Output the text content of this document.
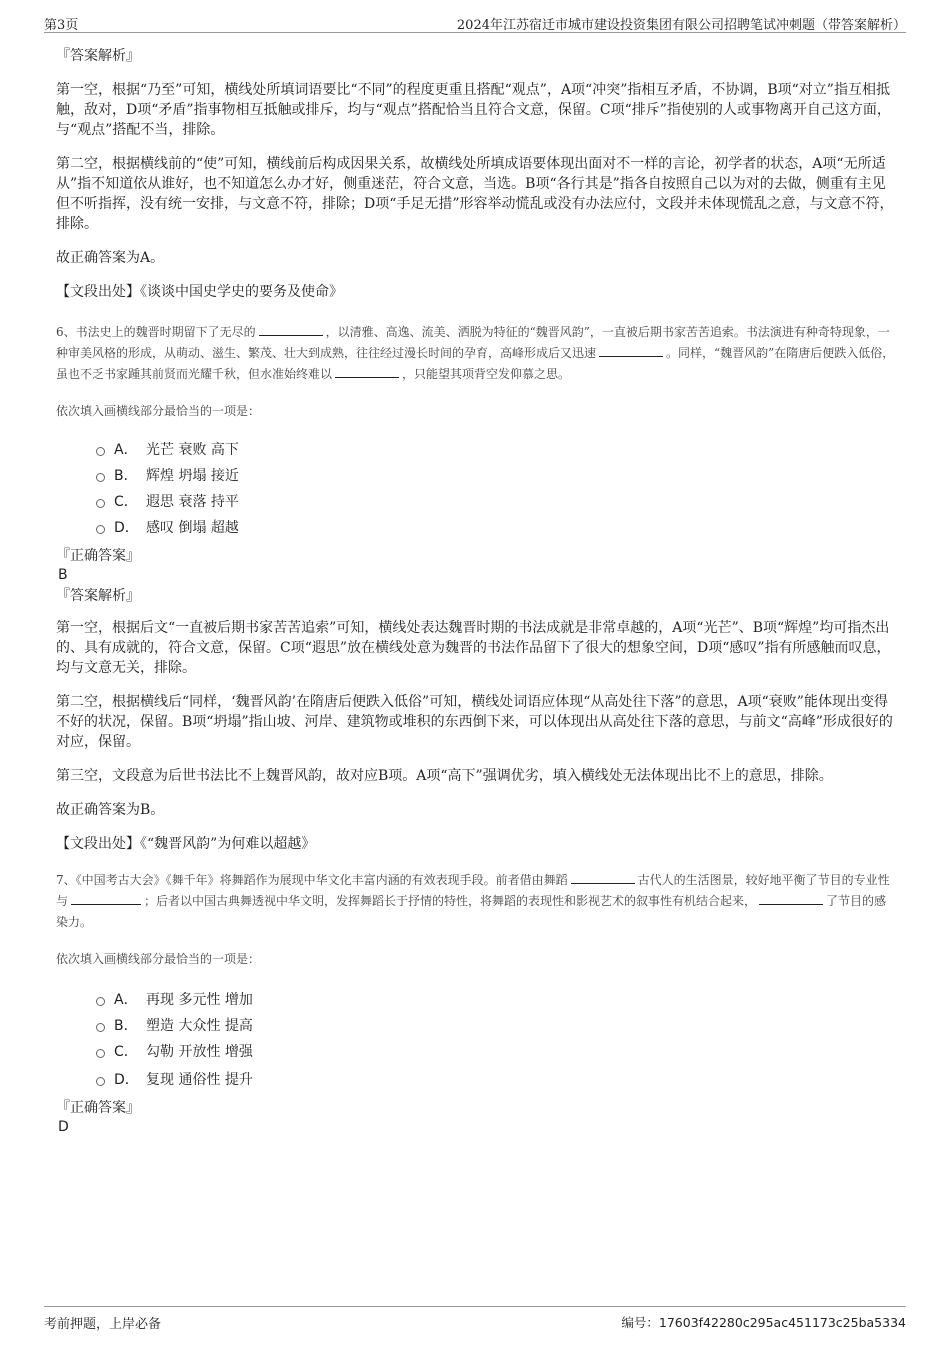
第3页	2024年江苏宿迁市城市建设投资集团有限公司招聘笔试冲刺题（带答案解析）

『答案解析』

第一空，根据“乃至”可知，横线处所填词语要比“不同”的程度更重且搭配“观点”，A项“冲突”指相互矛盾，不协调，B项“对立”指互相抵触，敌对，D项“矛盾”指事物相互抵触或排斥，均与“观点”搭配恰当且符合文意，保留。C项“排斥”指使别的人或事物离开自己这方面，与“观点”搭配不当，排除。

第二空，根据横线前的“使”可知，横线前后构成因果关系，故横线处所填成语要体现出面对不一样的言论，初学者的状态，A项“无所适从”指不知道依从谁好，也不知道怎么办才好，侧重迷茫，符合文意，当选。B项“各行其是”指各自按照自己以为对的去做，侧重有主见但不听指挥，没有统一安排，与文意不符，排除；D项“手足无措”形容举动慌乱或没有办法应付，文段并未体现慌乱之意，与文意不符，排除。

故正确答案为A。

【文段出处】《谈谈中国史学史的要务及使命》

6、书法史上的魏晋时期留下了无尽的	，以清雅、高逸、流美、洒脱为特征的“魏晋风韵”，一直被后期书家苦苦追索。书法演进有种奇特现象，一种审美风格的形成，从萌动、滋生、繁茂、壮大到成熟，往往经过漫长时间的孕育，高峰形成后又迅速	。同样，“魏晋风韵”在隋唐后便跌入低俗，虽也不乏书家踵其前贤而光耀千秋，但水准始终难以	，只能望其项背空发仰慕之思。

依次填入画横线部分最恰当的一项是：

A． 光芒 衰败 高下
B． 辉煌 坍塌 接近
C． 遐思 衰落 持平
D． 感叹 倒塌 超越

『正确答案』

B

『答案解析』

第一空，根据后文“一直被后期书家苦苦追索”可知，横线处表达魏晋时期的书法成就是非常卓越的，A项“光芒”、B项“辉煌”均可指杰出的、具有成就的，符合文意，保留。C项“遐思”放在横线处意为魏晋的书法作品留下了很大的想象空间，D项“感叹”指有所感触而叹息，均与文意无关，排除。

第二空，根据横线后“同样，‘魏晋风韵’在隋唐后便跌入低俗”可知，横线处词语应体现“从高处往下落”的意思，A项“衰败”能体现出变得不好的状况，保留。B项“坍塌”指山坡、河岸、建筑物或堆积的东西倒下来，可以体现出从高处往下落的意思，与前文“高峰”形成很好的对应，保留。

第三空，文段意为后世书法比不上魏晋风韵，故对应B项。A项“高下”强调优劣，填入横线处无法体现出比不上的意思，排除。

故正确答案为B。

【文段出处】《“魏晋风韵”为何难以超越》

7、《中国考古大会》《舞千年》将舞蹈作为展现中华文化丰富内涵的有效表现手段。前者借由舞蹈	古代人的生活图景，较好地平衡了节目的专业性与	；后者以中国古典舞透视中华文明，发挥舞蹈长于抒情的特性，将舞蹈的表现性和影视艺术的叙事性有机结合起来，	了节目的感染力。

依次填入画横线部分最恰当的一项是：

A． 再现 多元性 增加
B． 塑造 大众性 提高
C． 勾勒 开放性 增强
D． 复现 通俗性 提升

『正确答案』

D

考前押题，上岸必备	编号：17603f42280c295ac451173c25ba5334
